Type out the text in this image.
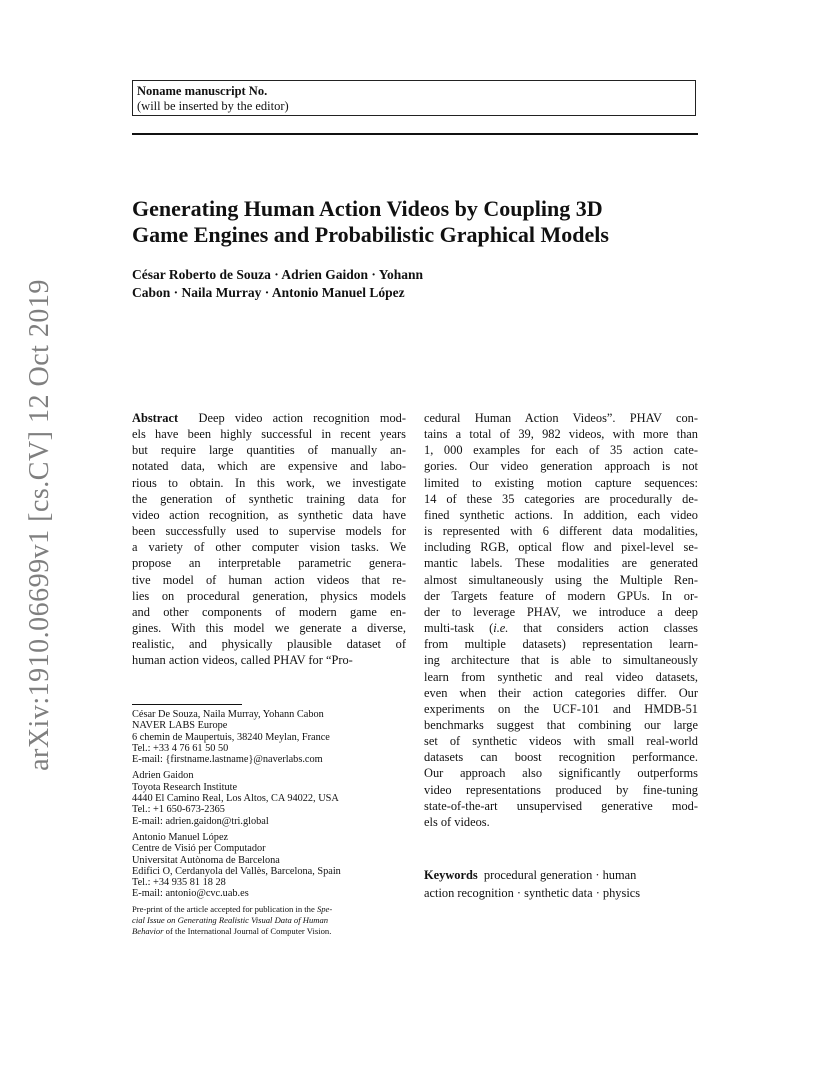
arXiv:1910.06699v1 [cs.CV] 12 Oct 2019
Noname manuscript No.
(will be inserted by the editor)
Generating Human Action Videos by Coupling 3D
Game Engines and Probabilistic Graphical Models
César Roberto de Souza · Adrien Gaidon · Yohann
Cabon · Naila Murray · Antonio Manuel López
Abstract  Deep video action recognition mod-
els have been highly successful in recent years
but require large quantities of manually an-
notated data, which are expensive and labo-
rious to obtain. In this work, we investigate
the generation of synthetic training data for
video action recognition, as synthetic data have
been successfully used to supervise models for
a variety of other computer vision tasks. We
propose an interpretable parametric genera-
tive model of human action videos that re-
lies on procedural generation, physics models
and other components of modern game en-
gines. With this model we generate a diverse,
realistic, and physically plausible dataset of
human action videos, called PHAV for “Pro-
cedural Human Action Videos”. PHAV con-
tains a total of 39, 982 videos, with more than
1, 000 examples for each of 35 action cate-
gories. Our video generation approach is not
limited to existing motion capture sequences:
14 of these 35 categories are procedurally de-
fined synthetic actions. In addition, each video
is represented with 6 different data modalities,
including RGB, optical flow and pixel-level se-
mantic labels. These modalities are generated
almost simultaneously using the Multiple Ren-
der Targets feature of modern GPUs. In or-
der to leverage PHAV, we introduce a deep
multi-task (i.e. that considers action classes
from multiple datasets) representation learn-
ing architecture that is able to simultaneously
learn from synthetic and real video datasets,
even when their action categories differ. Our
experiments on the UCF-101 and HMDB-51
benchmarks suggest that combining our large
set of synthetic videos with small real-world
datasets can boost recognition performance.
Our approach also significantly outperforms
video representations produced by fine-tuning
state-of-the-art unsupervised generative mod-
els of videos.
César De Souza, Naila Murray, Yohann Cabon
NAVER LABS Europe
6 chemin de Maupertuis, 38240 Meylan, France
Tel.: +33 4 76 61 50 50
E-mail: {firstname.lastname}@naverlabs.com
Adrien Gaidon
Toyota Research Institute
4440 El Camino Real, Los Altos, CA 94022, USA
Tel.: +1 650-673-2365
E-mail: adrien.gaidon@tri.global
Antonio Manuel López
Centre de Visió per Computador
Universitat Autònoma de Barcelona
Edifici O, Cerdanyola del Vallès, Barcelona, Spain
Tel.: +34 935 81 18 28
E-mail: antonio@cvc.uab.es
Pre-print of the article accepted for publication in the Spe-
cial Issue on Generating Realistic Visual Data of Human
Behavior of the International Journal of Computer Vision.
Keywords procedural generation · human
action recognition · synthetic data · physics
